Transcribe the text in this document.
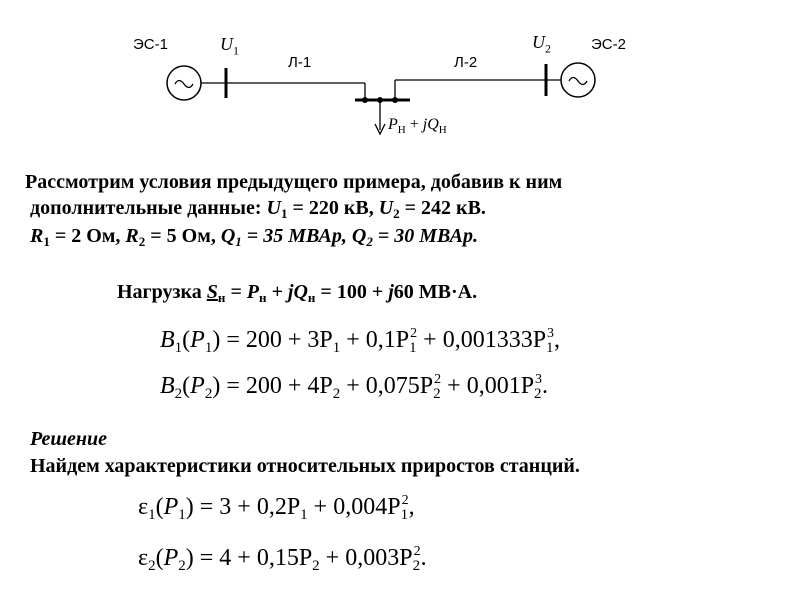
ЭС-1	ЭС-2
Л-1	Л-2
$U_1$	$U_2$
$P_Н + jQ_Н$
Рассмотрим условия предыдущего примера, добавив к ним
дополнительные данные: $U_1 = 220$ кВ, $U_2 = 242$ кВ.
$R_1 = 2$ Ом, $R_2 = 5$ Ом, $Q_1 = 35$ МВАр, $Q_2 = 30$ МВАр.
Нагрузка $S_н = P_н + jQ_н = 100 + j60$ МВ·А.
$B_1(P_1) = 200 + 3P_1 + 0,1P^2$
$_1 + 0,001333P^3$
$_1$,
$B_2(P_2) = 200 + 4P_2 + 0,075P^2$
$_2 + 0,001P^3$
$_2$.
Решение
Найдем характеристики относительных приростов станций.
$\varepsilon_1(P_1) = 3 + 0,2P_1 + 0,004P^2$
$_1$,
$\varepsilon_2(P_2) = 4 + 0,15P_2 + 0,003P^2$
$_2$.
